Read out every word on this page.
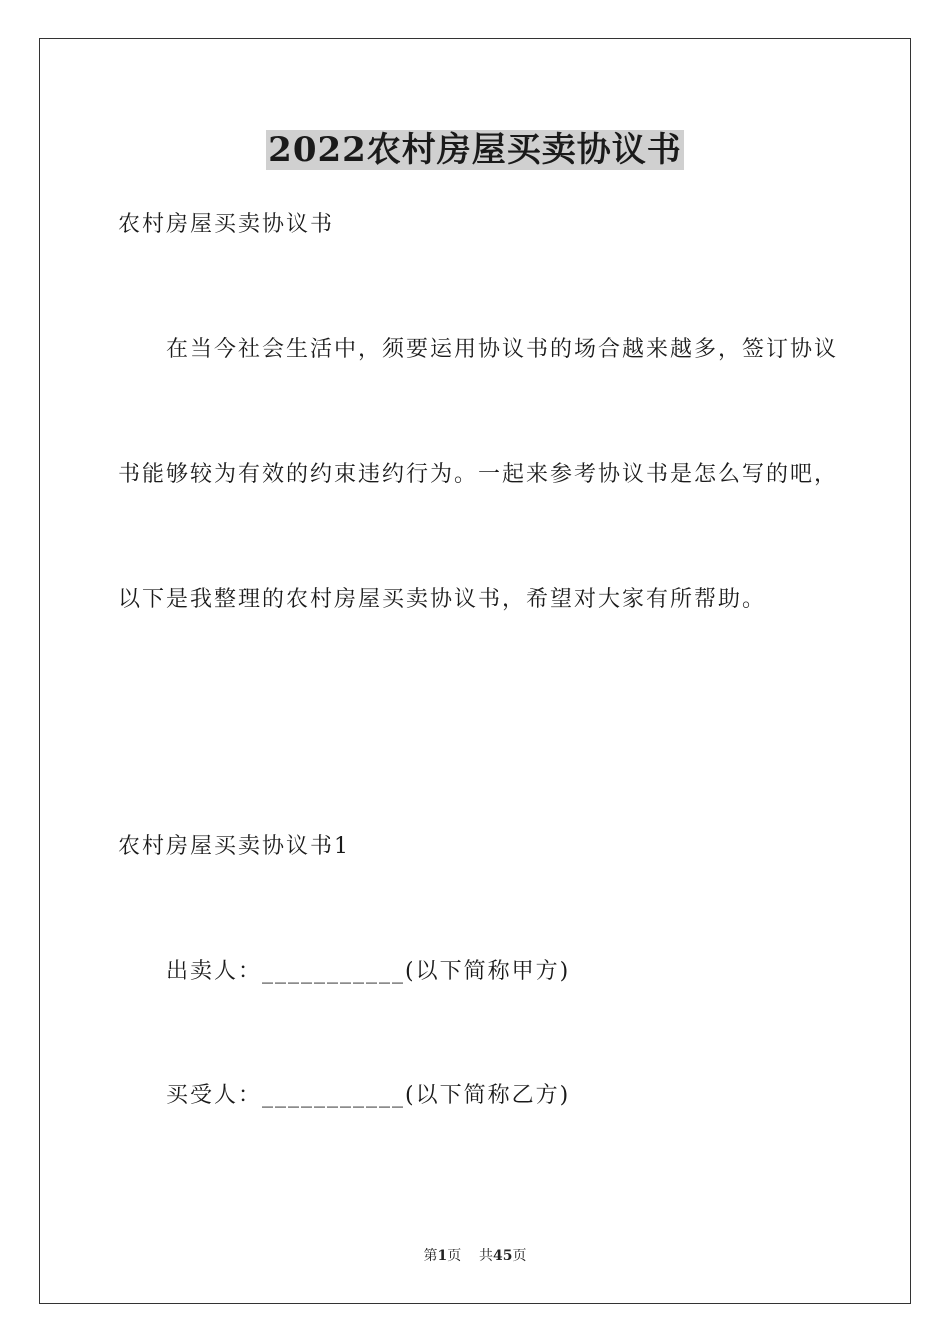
2022农村房屋买卖协议书
农村房屋买卖协议书
在当今社会生活中，须要运用协议书的场合越来越多，签订协议
书能够较为有效的约束违约行为。一起来参考协议书是怎么写的吧，
以下是我整理的农村房屋买卖协议书，希望对大家有所帮助。
农村房屋买卖协议书1
出卖人：___________(以下简称甲方)
买受人：___________(以下简称乙方)
第1页 共45页
